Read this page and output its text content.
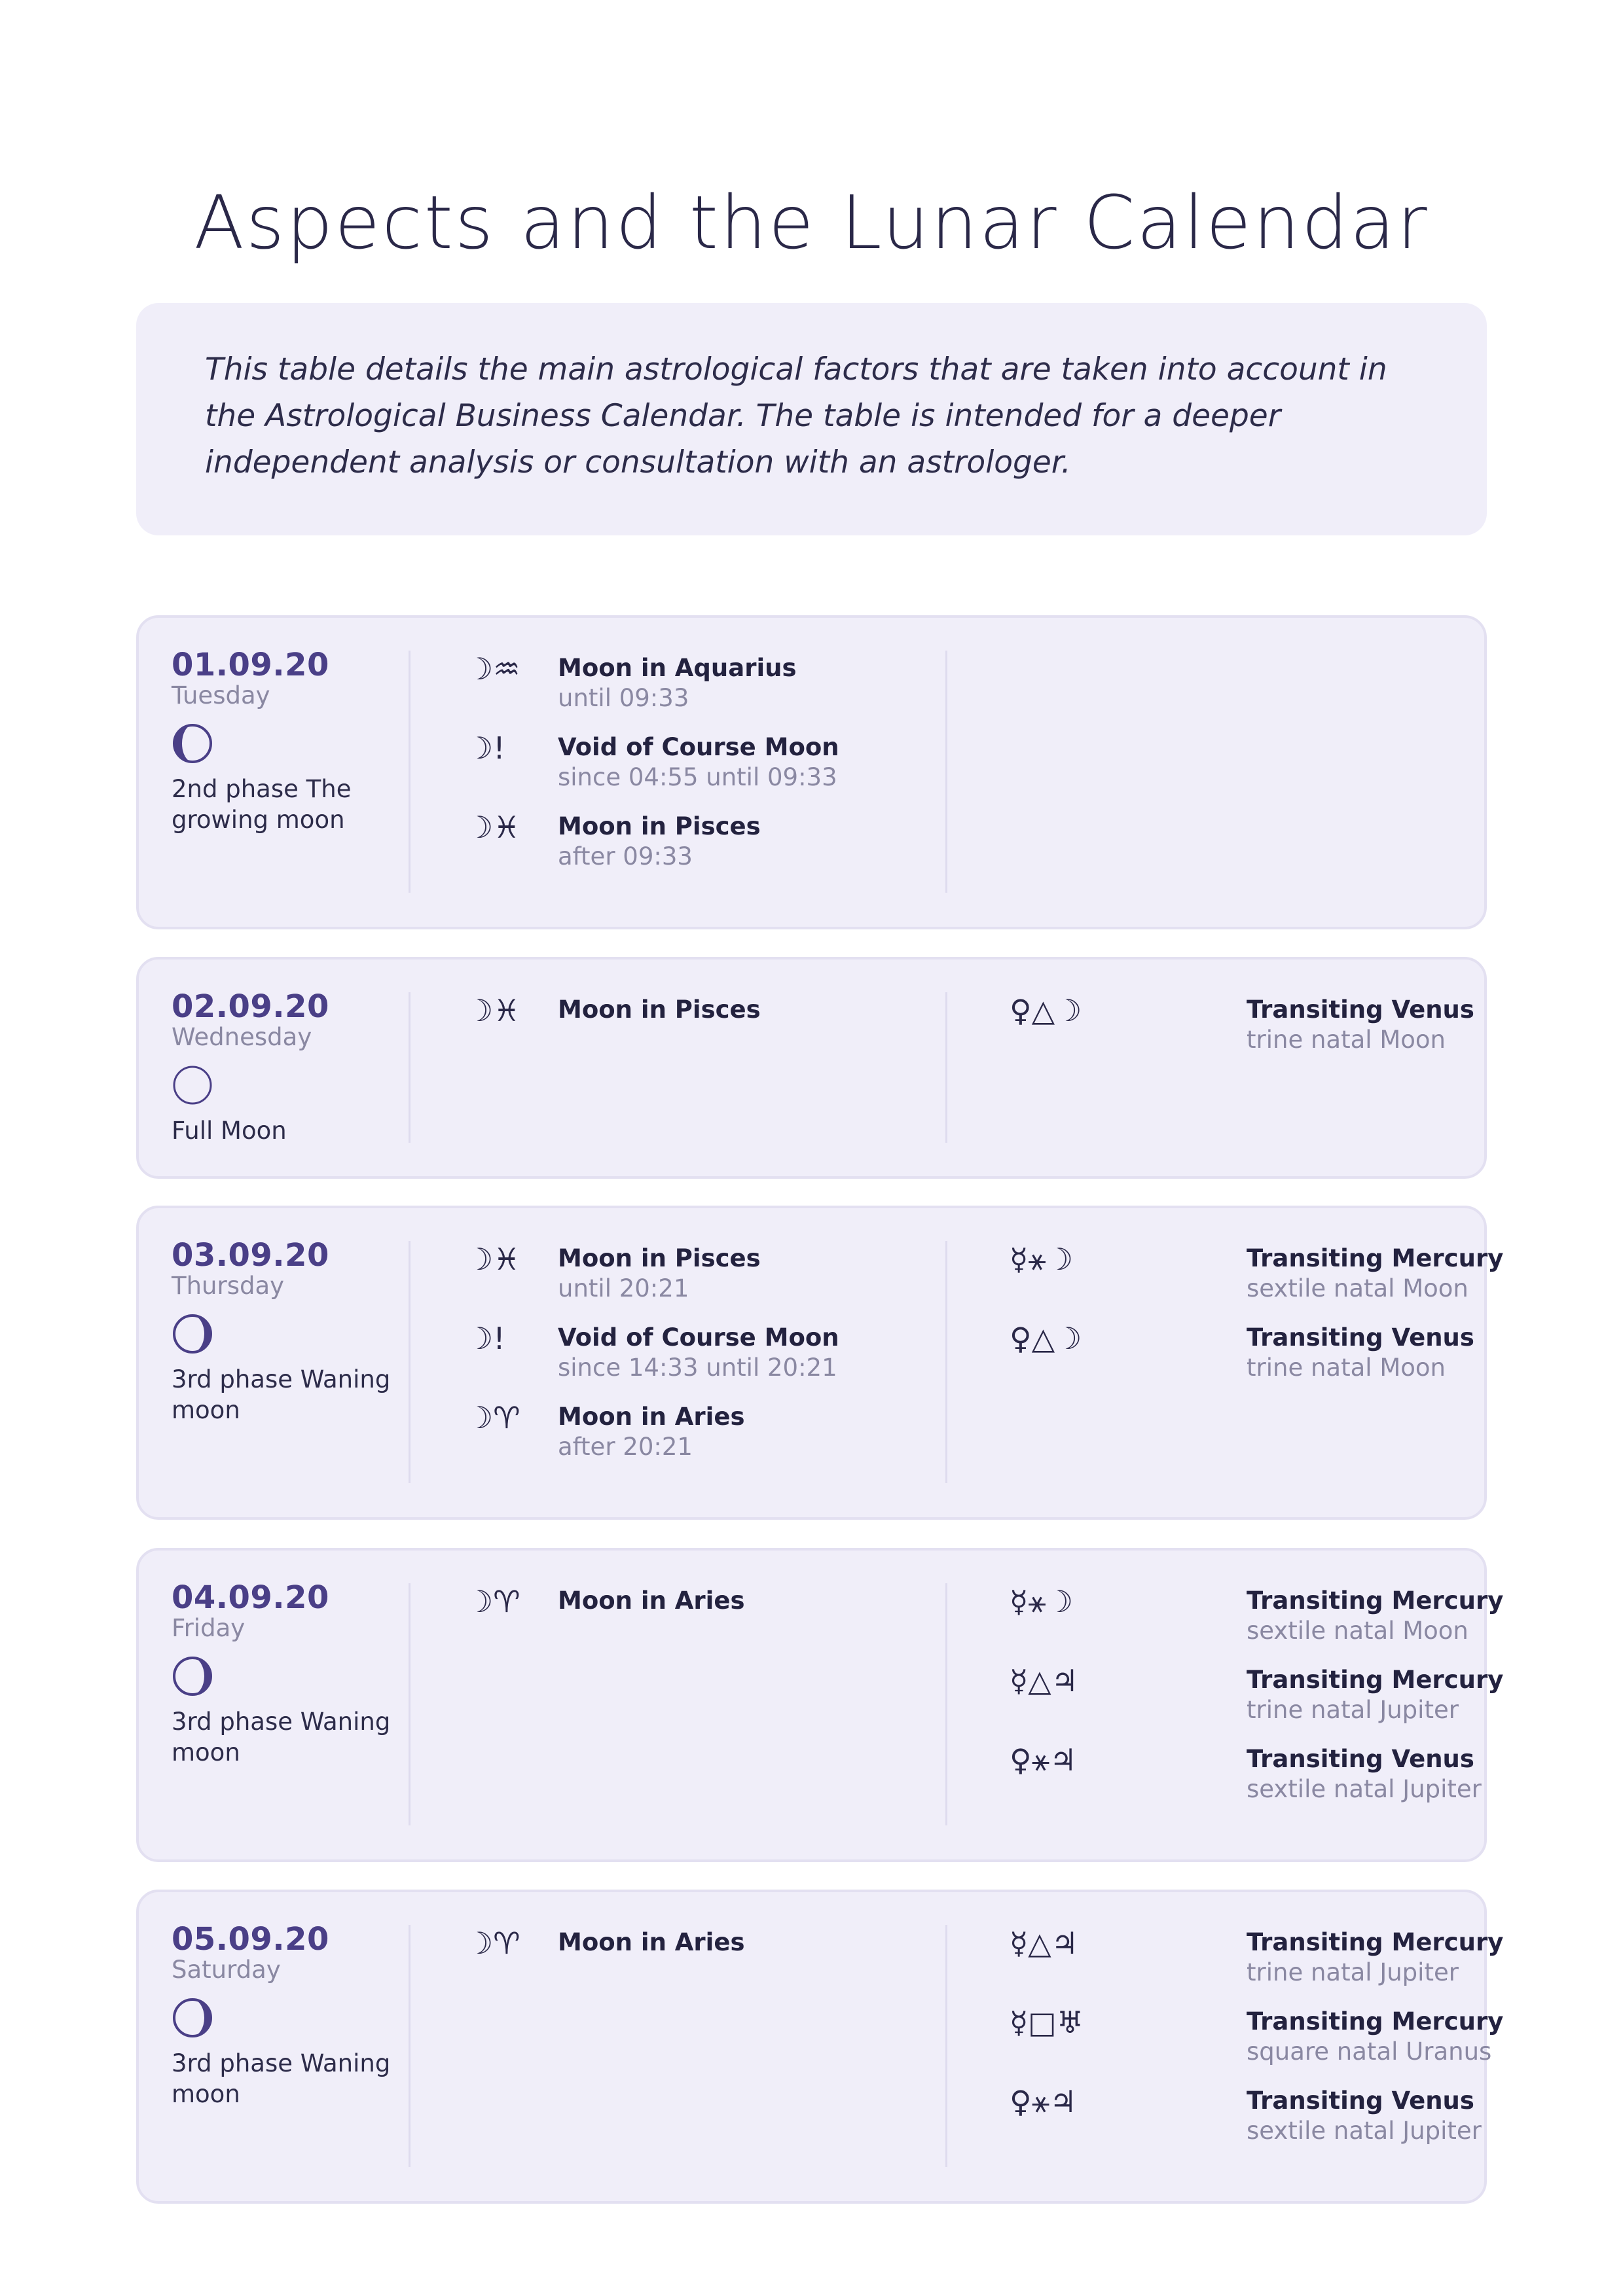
Aspects and the Lunar Calendar

This table details the main astrological factors that are taken into account in the Astrological Business Calendar. The table is intended for a deeper independent analysis or consultation with an astrologer.

01.09.20
Tuesday
2nd phase The growing moon
☽♒ Moon in Aquarius
until 09:33
☽! Void of Course Moon
since 04:55 until 09:33
☽♓ Moon in Pisces
after 09:33
02.09.20
Wednesday
Full Moon
☽♓ Moon in Pisces	♀△☽	Transiting Venus
trine natal Moon
03.09.20
Thursday
3rd phase Waning moon
☽♓ Moon in Pisces
until 20:21
☽! Void of Course Moon
since 14:33 until 20:21
☽♈ Moon in Aries
after 20:21
☿⚹☽	Transiting Mercury
sextile natal Moon
♀△☽	Transiting Venus
trine natal Moon
04.09.20
Friday
3rd phase Waning moon
☽♈ Moon in Aries	☿⚹☽	Transiting Mercury
sextile natal Moon
☿△♃	Transiting Mercury
trine natal Jupiter
♀⚹♃	Transiting Venus
sextile natal Jupiter
05.09.20
Saturday
3rd phase Waning moon
☽♈ Moon in Aries	☿△♃	Transiting Mercury
trine natal Jupiter
☿□♅	Transiting Mercury
square natal Uranus
♀⚹♃	Transiting Venus
sextile natal Jupiter
